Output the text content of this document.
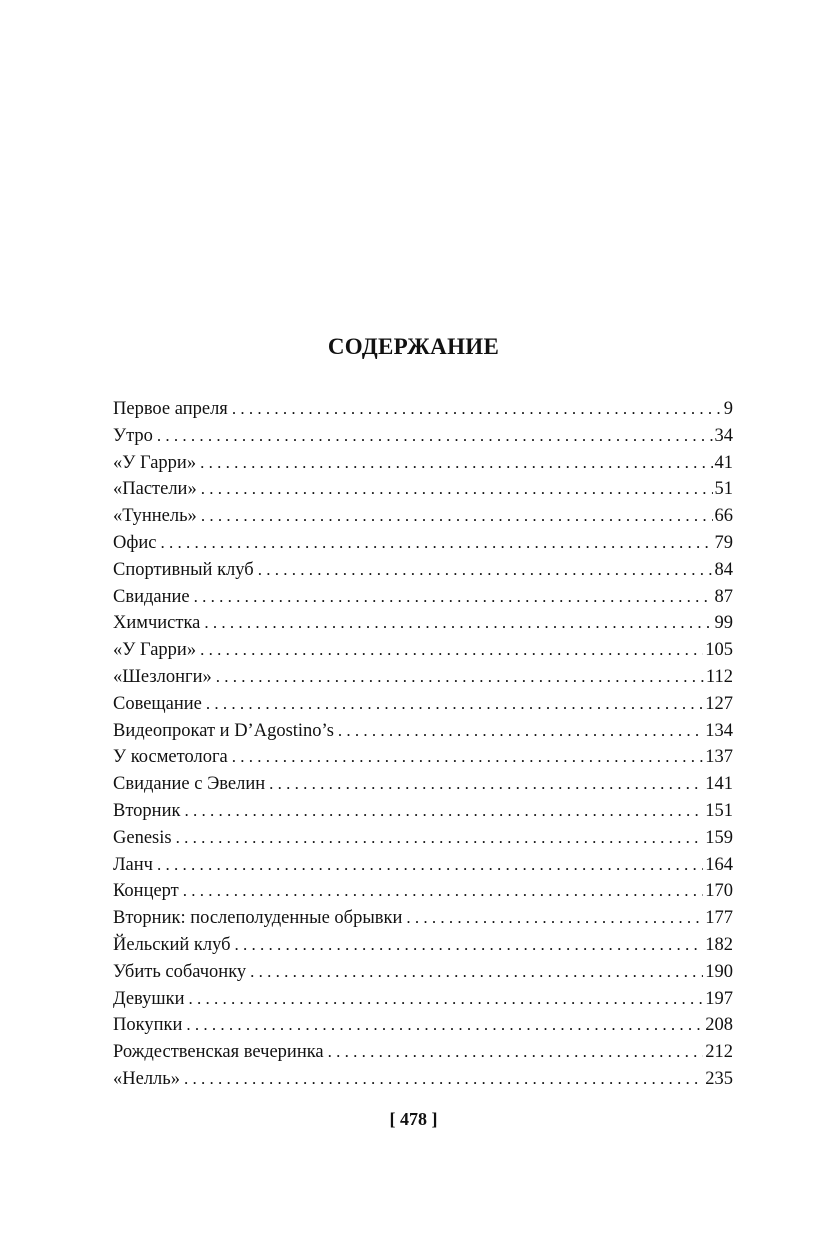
СОДЕРЖАНИЕ
Первое апреля . . .	9
Утро . . .	34
«У Гарри» . . .	41
«Пастели» . . .	51
«Туннель» . . .	66
Офис . . .	79
Спортивный клуб . . .	84
Свидание . . .	87
Химчистка . . .	99
«У Гарри» . . .	105
«Шезлонги» . . .	112
Совещание . . .	127
Видеопрокат и D’Agostino’s . . .	134
У косметолога . . .	137
Свидание с Эвелин . . .	141
Вторник . . .	151
Genesis . . .	159
Ланч . . .	164
Концерт . . .	170
Вторник: послеполуденные обрывки . . .	177
Йельский клуб . . .	182
Убить собачонку . . .	190
Девушки . . .	197
Покупки . . .	208
Рождественская вечеринка . . .	212
«Нелль» . . .	235
[ 478 ]
